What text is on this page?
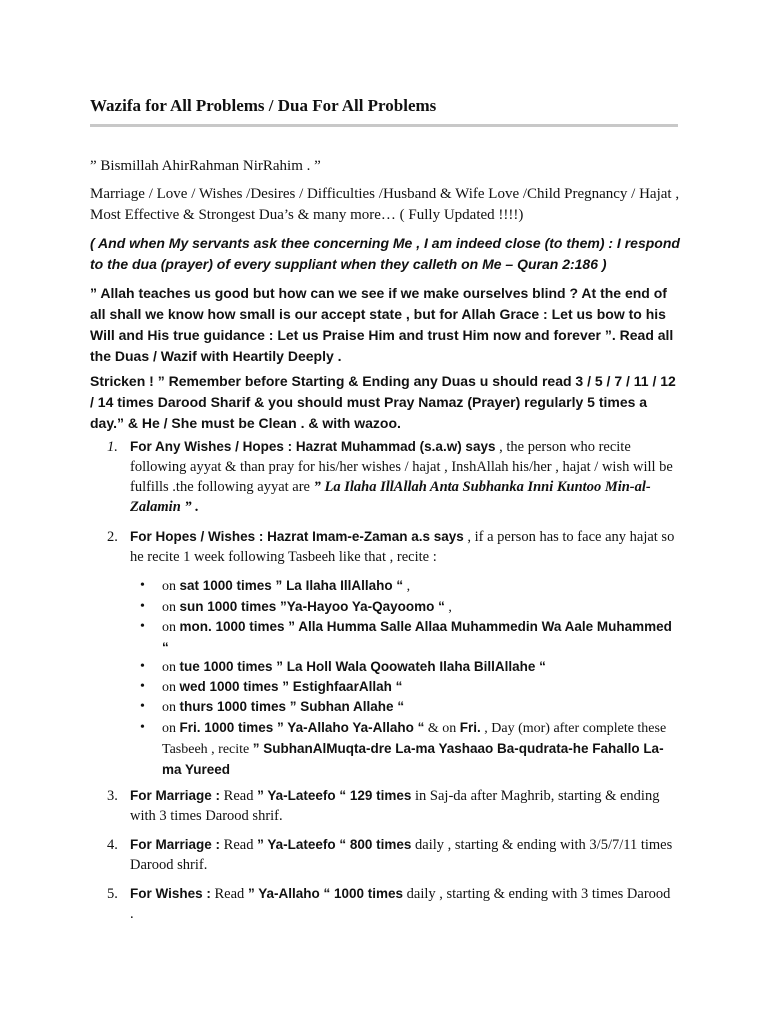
Wazifa for All Problems / Dua For All Problems
” Bismillah AhirRahman NirRahim . ”
Marriage / Love / Wishes /Desires / Difficulties /Husband & Wife Love /Child Pregnancy / Hajat , Most Effective & Strongest Dua’s & many more… ( Fully Updated !!!!)
( And when My servants ask thee concerning Me , I am indeed close (to them) : I respond to the dua (prayer) of every suppliant when they calleth on Me – Quran 2:186 )
” Allah teaches us good but how can we see if we make ourselves blind ? At the end of all shall we know how small is our accept state , but for Allah Grace : Let us bow to his Will and His true guidance : Let us Praise Him and trust Him now and forever ”. Read all the Duas / Wazif with Heartily Deeply .
Stricken ! ” Remember before Starting & Ending any Duas u should read 3 / 5 / 7 / 11 / 12 / 14 times Darood Sharif & you should must Pray Namaz (Prayer) regularly 5 times a day.” & He / She must be Clean . & with wazoo.
1. For Any Wishes / Hopes : Hazrat Muhammad (s.a.w) says , the person who recite following ayyat & than pray for his/her wishes / hajat , InshAllah his/her , hajat / wish will be fulfills .the following ayyat are ” La Ilaha IllAllah Anta Subhanka Inni Kuntoo Min-al-Zalamin ” .
2. For Hopes / Wishes : Hazrat Imam-e-Zaman a.s says , if a person has to face any hajat so he recite 1 week following Tasbeeh like that , recite :
• on sat 1000 times ” La Ilaha IllAllaho “ ,
• on sun 1000 times ”Ya-Hayoo Ya-Qayoomo “ ,
• on mon. 1000 times ” Alla Humma Salle Allaa Muhammedin Wa Aale Muhammed “
• on tue 1000 times ” La Holl Wala Qoowateh Ilaha BillAllahe “
• on wed 1000 times ” EstighfaarAllah “
• on thurs 1000 times ” Subhan Allahe “
• on Fri. 1000 times ” Ya-Allaho Ya-Allaho “ & on Fri. , Day (mor) after complete these Tasbeeh , recite ” SubhanAlMuqta-dre La-ma Yashaao Ba-qudrata-he Fahallo La-ma Yureed
3. For Marriage : Read ” Ya-Lateefo “ 129 times in Saj-da after Maghrib, starting & ending with 3 times Darood shrif.
4. For Marriage : Read ” Ya-Lateefo “ 800 times daily , starting & ending with 3/5/7/11 times Darood shrif.
5. For Wishes : Read ” Ya-Allaho “ 1000 times daily , starting & ending with 3 times Darood .
